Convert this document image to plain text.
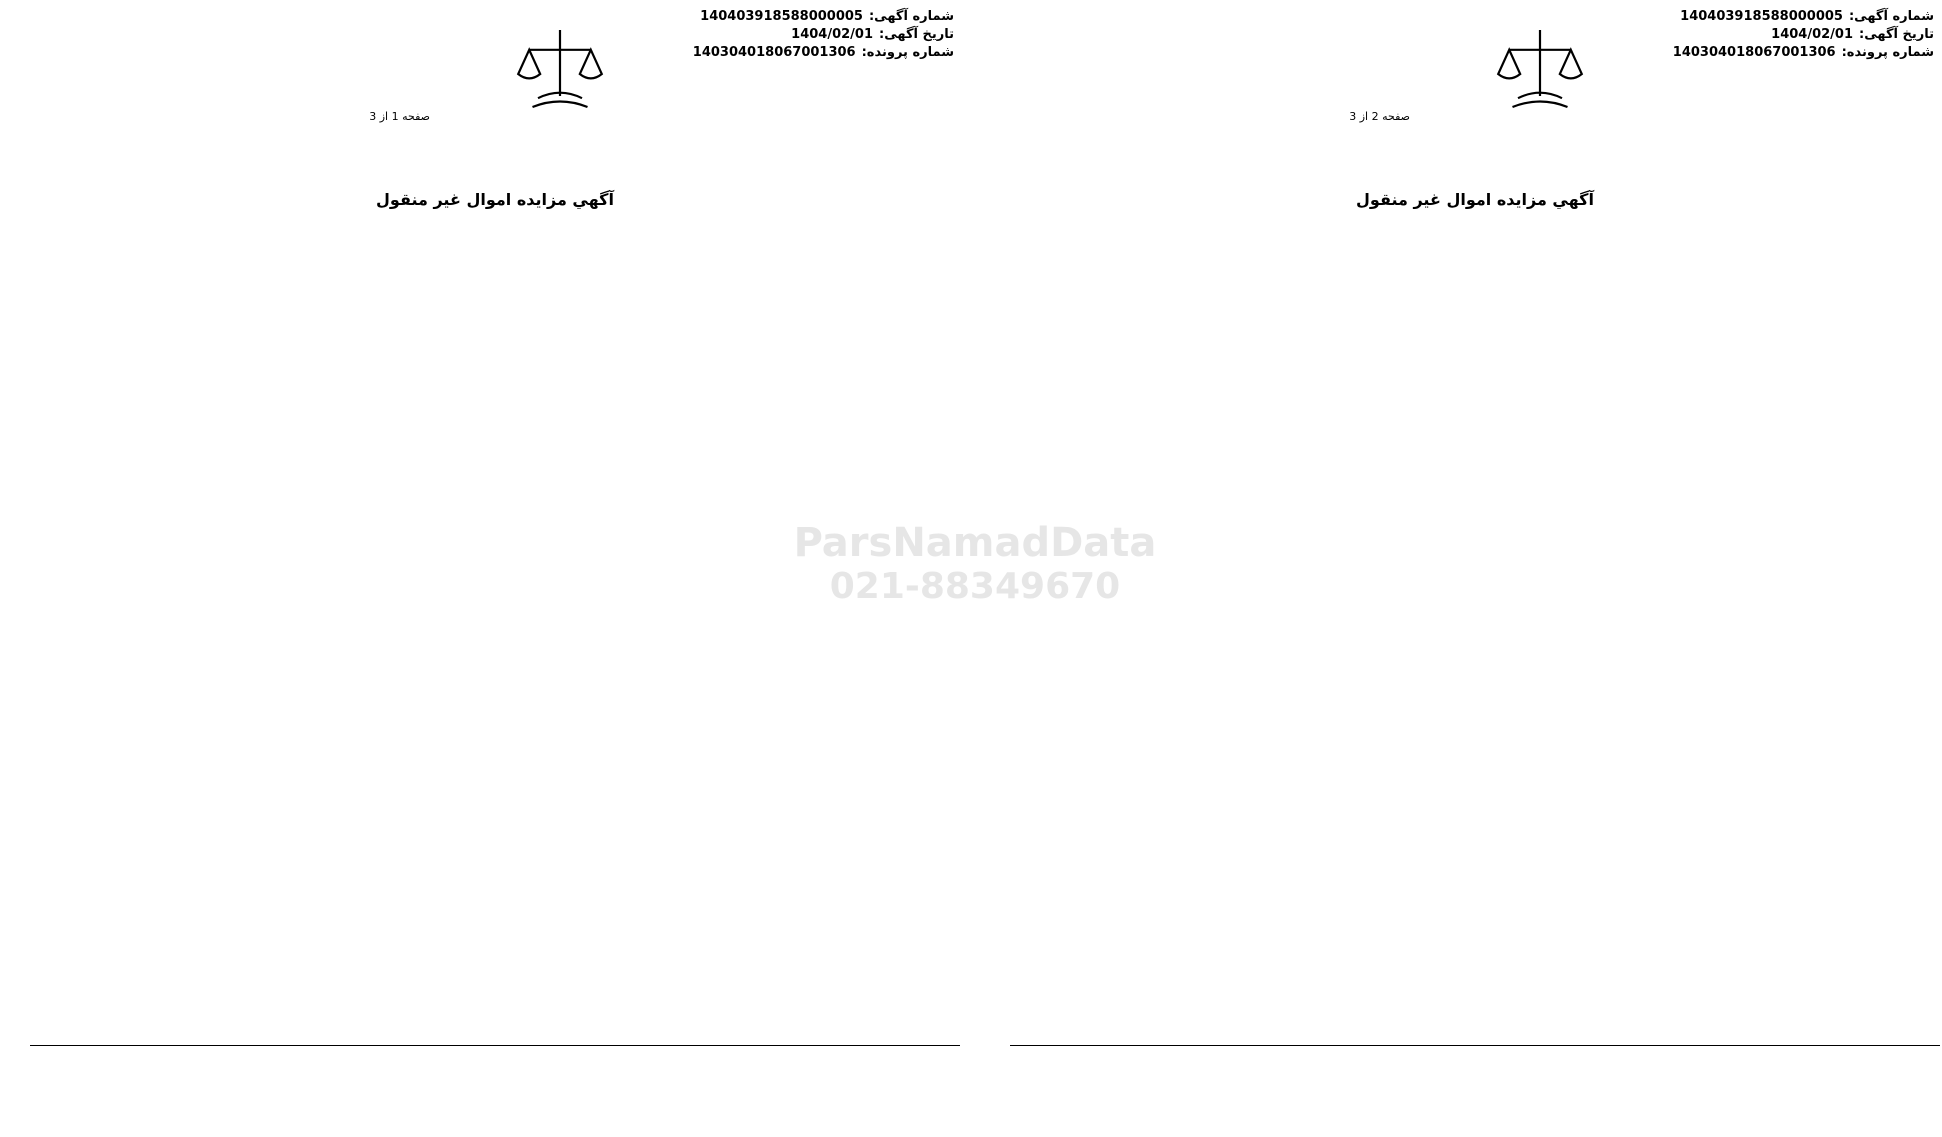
شماره آگهی:140403918588000005
تاریخ آگهی:1404/02/01
شماره پرونده:140304018067001306
صفحه 1 از 3
آگهي مزايده اموال غير منقول
شماره آگهی:140403918588000005
تاریخ آگهی:1404/02/01
شماره پرونده:140304018067001306
صفحه 2 از 3
آگهي مزايده اموال غير منقول
ParsNamadData
021-88349670
